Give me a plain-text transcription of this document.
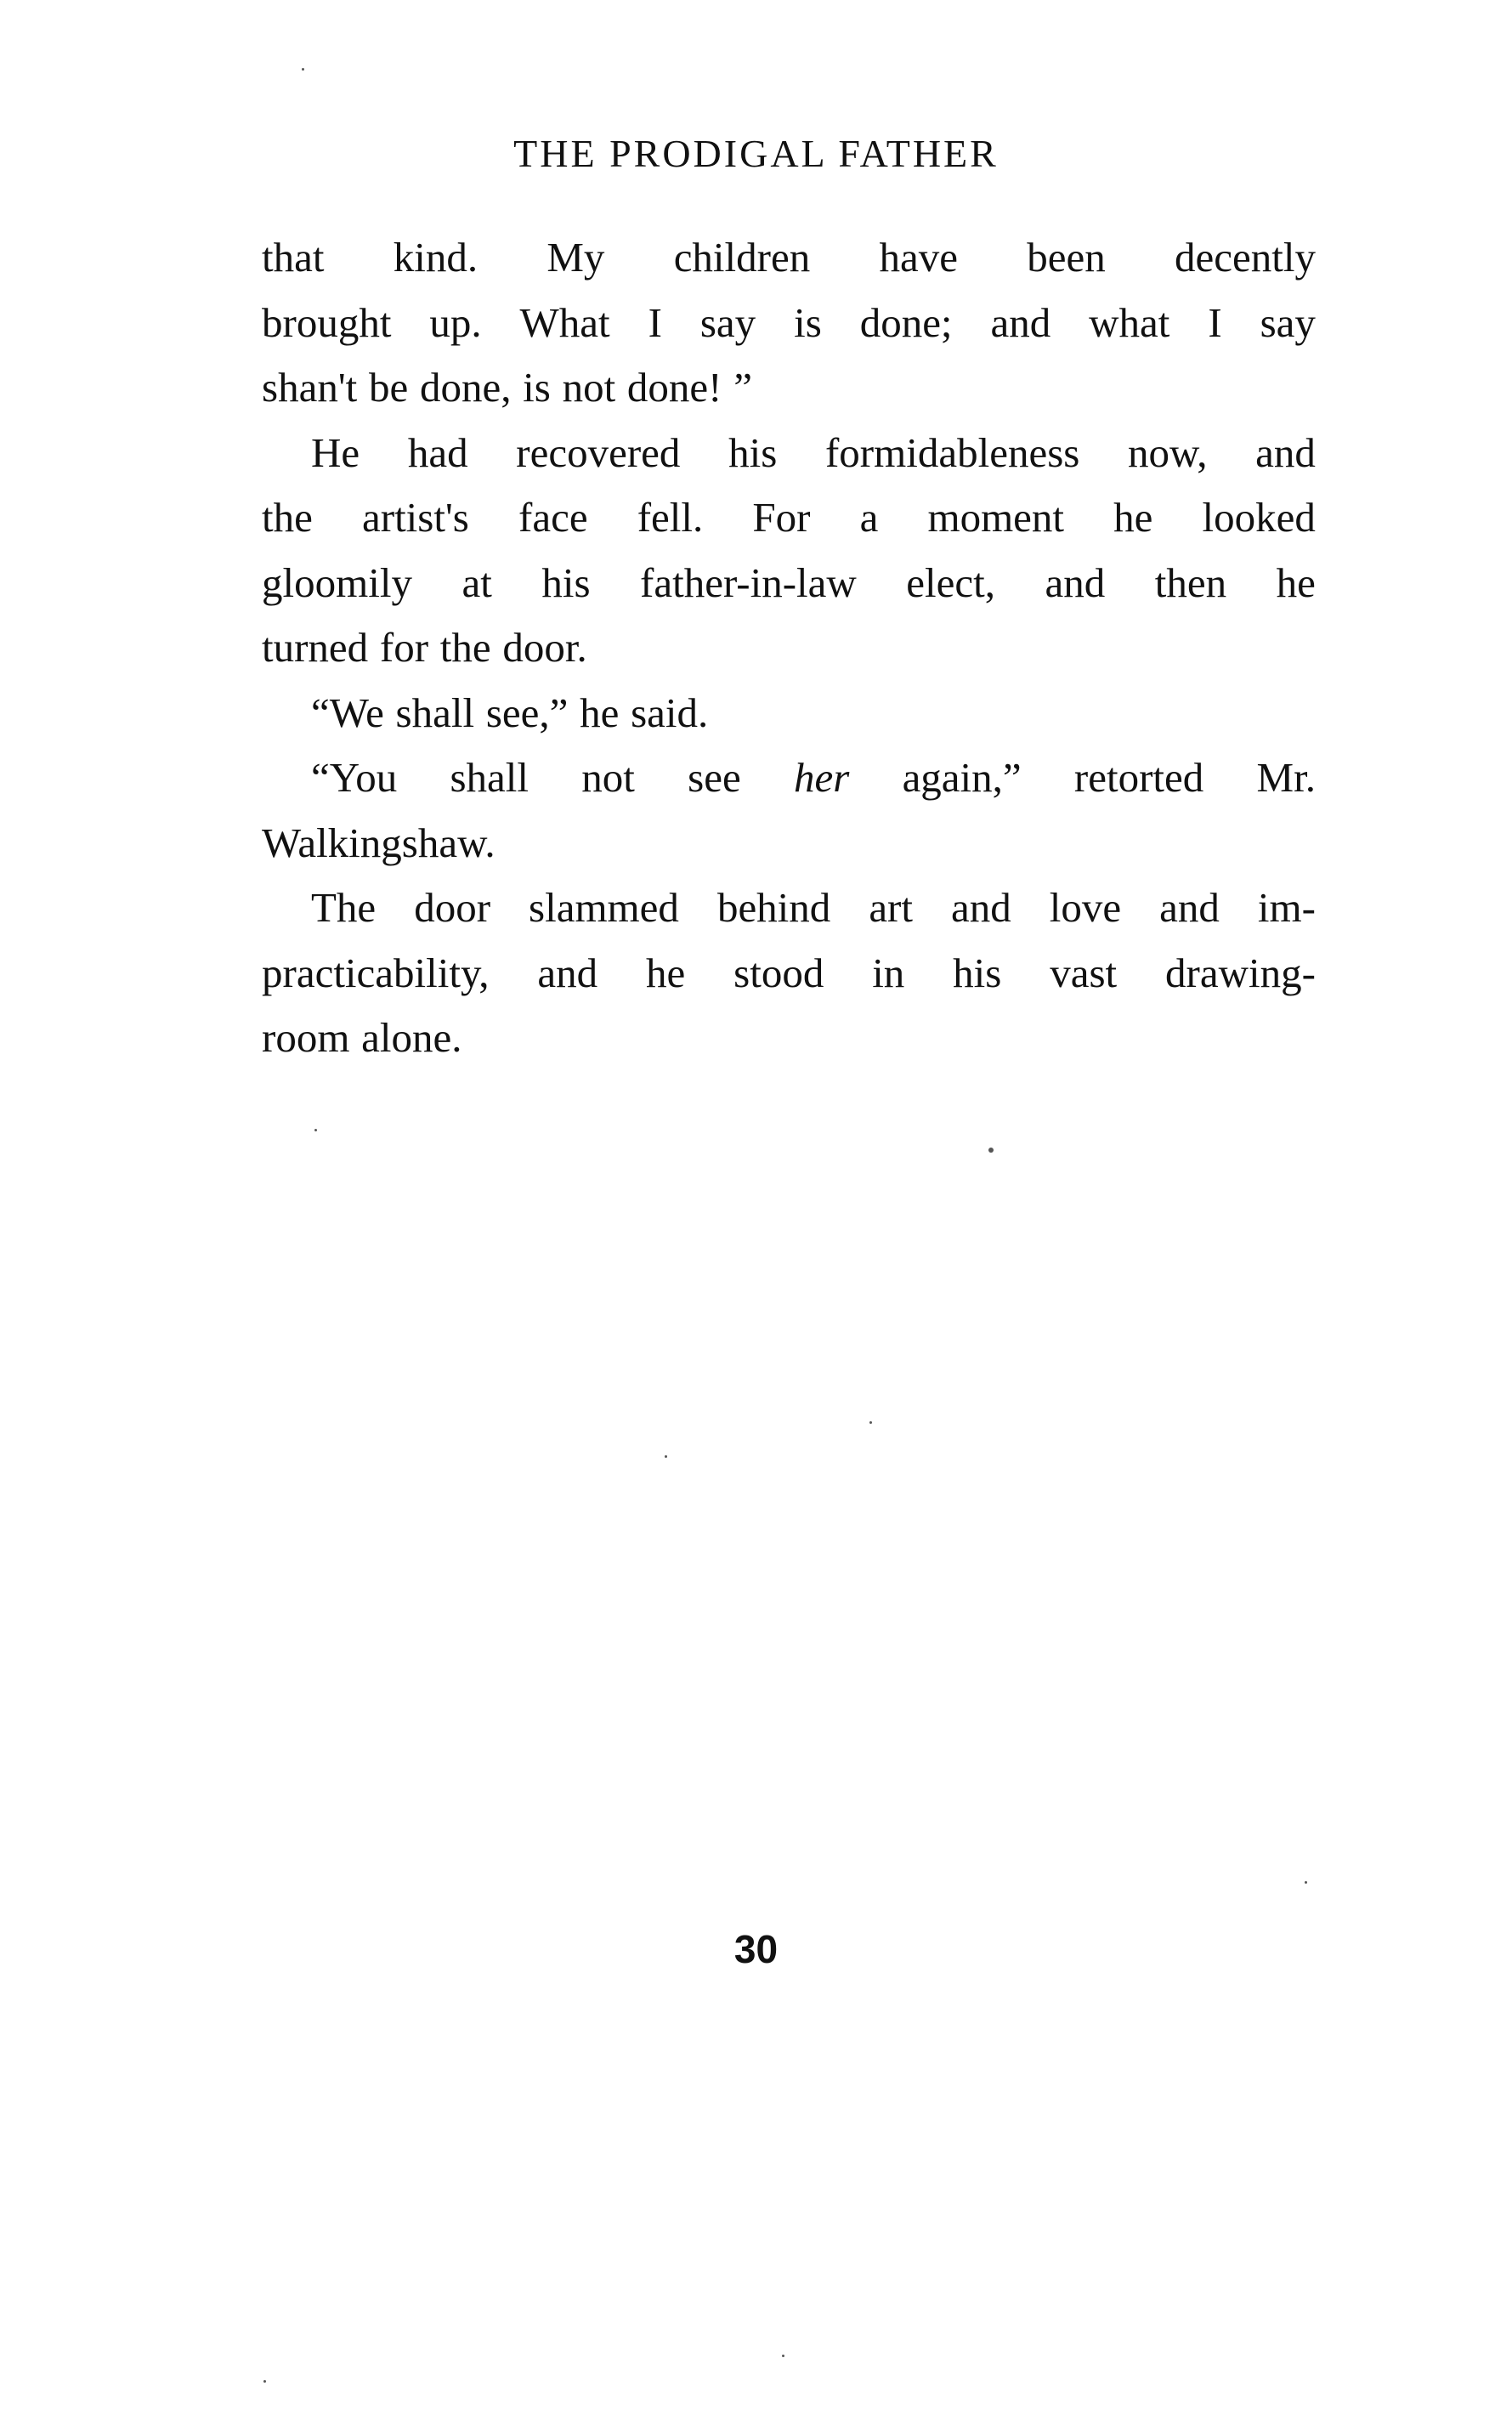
THE PRODIGAL FATHER
that kind. My children have been decently
brought up. What I say is done; and what I say
shan't be done, is not done! ”
He had recovered his formidableness now, and
the artist's face fell. For a moment he looked
gloomily at his father-in-law elect, and then he
turned for the door.
“We shall see,” he said.
“You shall not see her again,” retorted Mr.
Walkingshaw.
The door slammed behind art and love and im-
practicability, and he stood in his vast drawing-
room alone.
30
